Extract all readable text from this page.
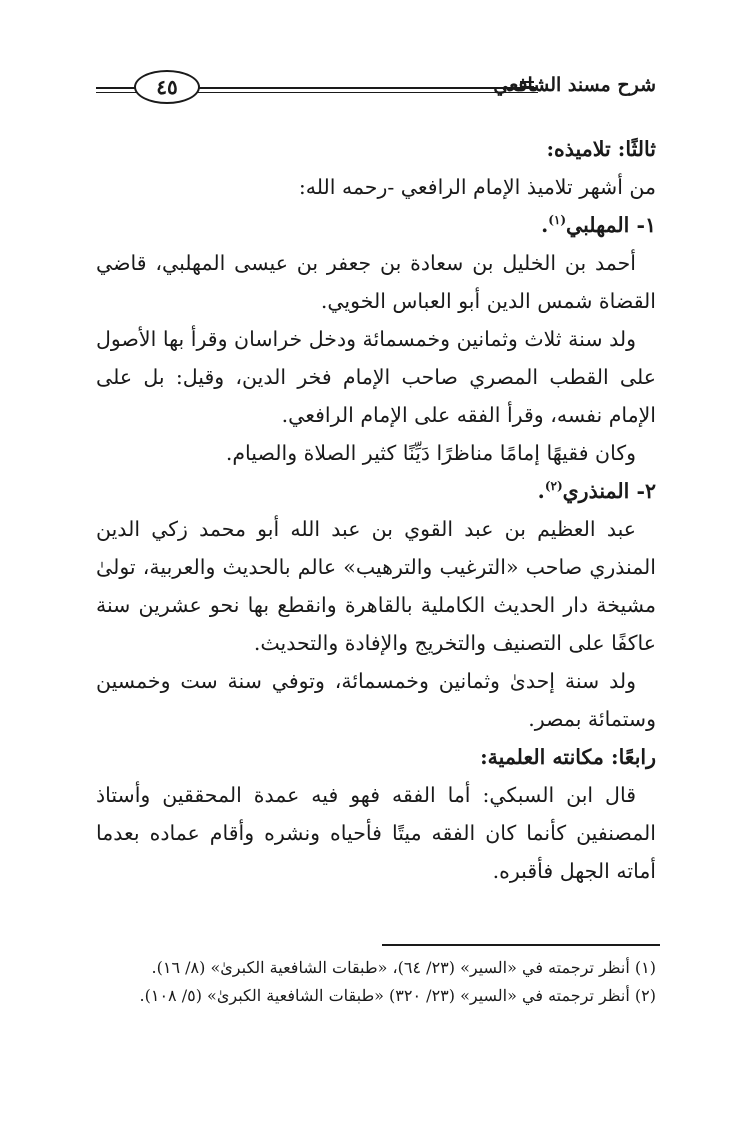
شرح مسند الشافعي
٤٥

ثالثًا: تلاميذه:

من أشهر تلاميذ الإمام الرافعي -رحمه الله:

١- المهلبي$^{(١)}$.

أحمد بن الخليل بن سعادة بن جعفر بن عيسى المهلبي، قاضي القضاة شمس الدين أبو العباس الخويي.

ولد سنة ثلاث وثمانين وخمسمائة ودخل خراسان وقرأ بها الأصول على القطب المصري صاحب الإمام فخر الدين، وقيل: بل على الإمام نفسه، وقرأ الفقه على الإمام الرافعي.

وكان فقيهًا إمامًا مناظرًا دَيِّنًا كثير الصلاة والصيام.

٢- المنذري$^{(٢)}$.

عبد العظيم بن عبد القوي بن عبد الله أبو محمد زكي الدين المنذري صاحب «الترغيب والترهيب» عالم بالحديث والعربية، تولىٰ مشيخة دار الحديث الكاملية بالقاهرة وانقطع بها نحو عشرين سنة عاكفًا على التصنيف والتخريج والإفادة والتحديث.

ولد سنة إحدىٰ وثمانين وخمسمائة، وتوفي سنة ست وخمسين وستمائة بمصر.

رابعًا: مكانته العلمية:

قال ابن السبكي: أما الفقه فهو فيه عمدة المحققين وأستاذ المصنفين كأنما كان الفقه ميتًا فأحياه ونشره وأقام عماده بعدما أماته الجهل فأقبره.

(١) أنظر ترجمته في «السير» (٢٣/ ٦٤)، «طبقات الشافعية الكبرىٰ» (٨/ ١٦).

(٢) أنظر ترجمته في «السير» (٢٣/ ٣٢٠) «طبقات الشافعية الكبرىٰ» (٥/ ١٠٨).
